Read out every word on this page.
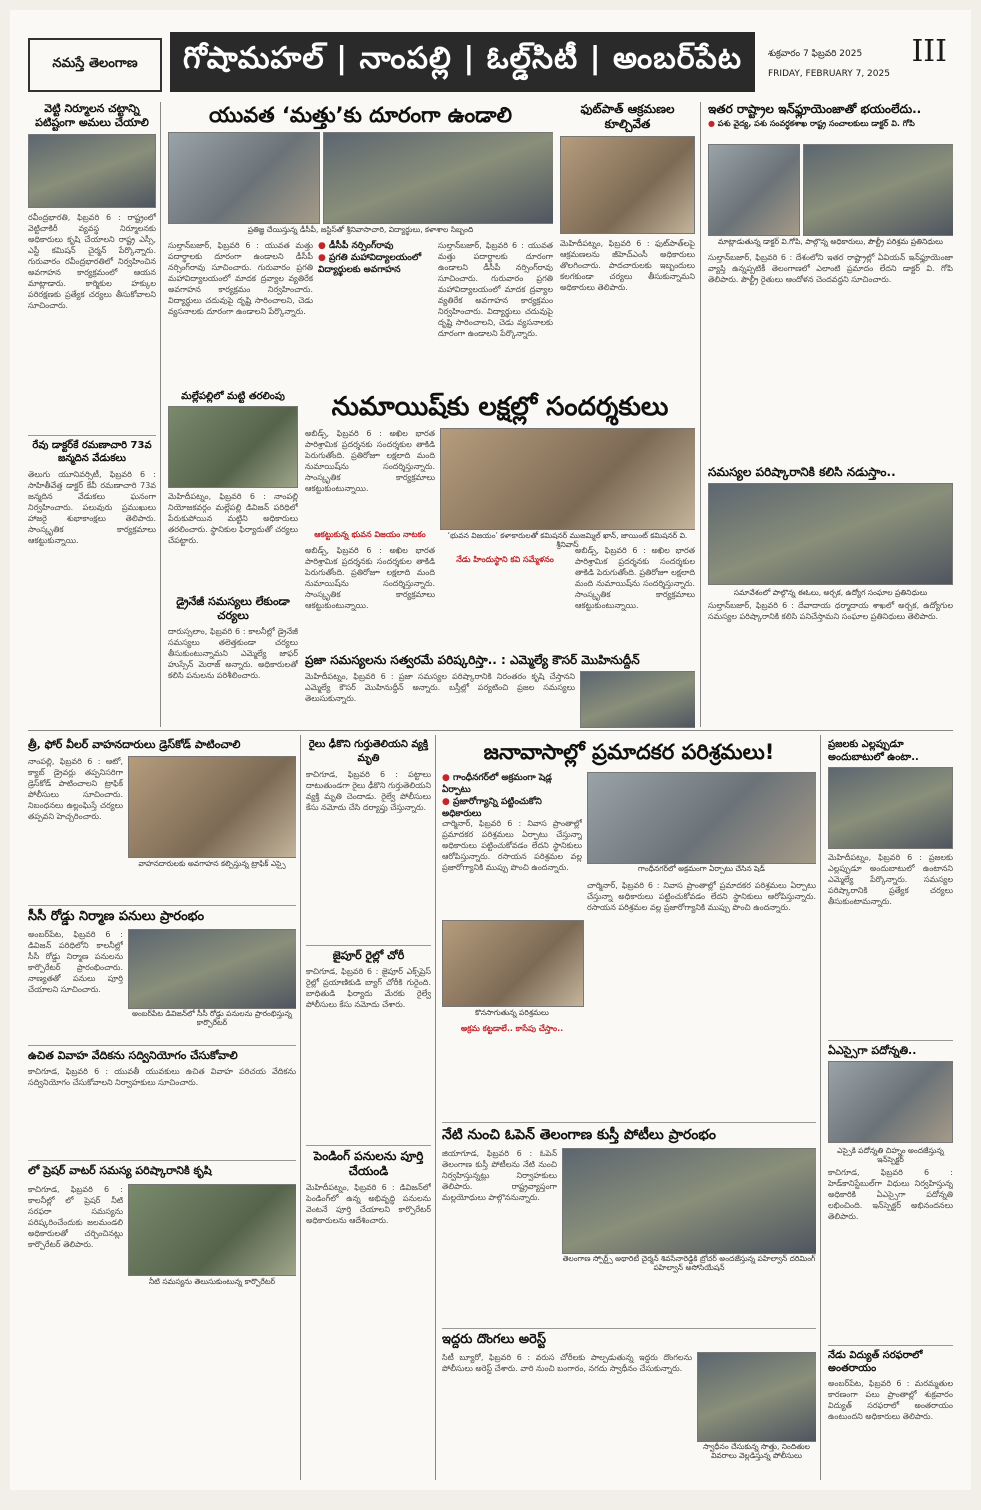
నమస్తే తెలంగాణ	గోషామహల్ | నాంపల్లి | ఓల్డ్‌సిటీ | అంబర్‌పేట	శుక్రవారం 7 ఫిబ్రవరి 2025
FRIDAY, FEBRUARY 7, 2025
III
వెట్టి నిర్మూలన చట్టాన్ని పటిష్టంగా అమలు చేయాలి
రవీంద్రభారతి, ఫిబ్రవరి 6 : రాష్ట్రంలో వెట్టిచాకిరీ వ్యవస్థ నిర్మూలనకు అధికారులు కృషి చేయాలని రాష్ట్ర ఎస్సీ, ఎస్టీ కమిషన్ చైర్మన్ పేర్కొన్నారు. గురువారం రవీంద్రభారతిలో నిర్వహించిన అవగాహన కార్యక్రమంలో ఆయన మాట్లాడారు. కార్మికుల హక్కుల పరిరక్షణకు ప్రత్యేక చర్యలు తీసుకోవాలని సూచించారు.
రేవు డాక్టర్‌కే రమణాచారి 73వ జన్మదిన వేడుకలు
తెలుగు యూనివర్సిటీ, ఫిబ్రవరి 6 : సాహితీవేత్త డాక్టర్ కేవీ రమణాచారి 73వ జన్మదిన వేడుకలు ఘనంగా నిర్వహించారు. పలువురు ప్రముఖులు హాజరై శుభాకాంక్షలు తెలిపారు. సాంస్కృతిక కార్యక్రమాలు ఆకట్టుకున్నాయి.
యువత ‘మత్తు’కు దూరంగా ఉండాలి
ప్రతిజ్ఞ చేయిస్తున్న డీసీపీ, జస్టిస్‌తో శ్రీనివాసాచారి, విద్యార్థులు, కళాశాల సిబ్బంది
● డీసీపీ నర్సింగ్‌రావు
● ప్రగతి మహావిద్యాలయంలో విద్యార్థులకు అవగాహన
సుల్తాన్‌బజార్, ఫిబ్రవరి 6 : యువత మత్తు పదార్థాలకు దూరంగా ఉండాలని డీసీపీ నర్సింగ్‌రావు సూచించారు. గురువారం ప్రగతి మహావిద్యాలయంలో మాదక ద్రవ్యాల వ్యతిరేక అవగాహన కార్యక్రమం నిర్వహించారు. విద్యార్థులు చదువుపై దృష్టి సారించాలని, చెడు వ్యసనాలకు దూరంగా ఉండాలని పేర్కొన్నారు.
సుల్తాన్‌బజార్, ఫిబ్రవరి 6 : యువత మత్తు పదార్థాలకు దూరంగా ఉండాలని డీసీపీ నర్సింగ్‌రావు సూచించారు. గురువారం ప్రగతి మహావిద్యాలయంలో మాదక ద్రవ్యాల వ్యతిరేక అవగాహన కార్యక్రమం నిర్వహించారు. విద్యార్థులు చదువుపై దృష్టి సారించాలని, చెడు వ్యసనాలకు దూరంగా ఉండాలని పేర్కొన్నారు.
ఫుట్‌పాత్ ఆక్రమణల కూల్చివేత
మెహిదీపట్నం, ఫిబ్రవరి 6 : ఫుట్‌పాత్‌లపై ఆక్రమణలను జీహెచ్‌ఎంసీ అధికారులు తొలగించారు. పాదచారులకు ఇబ్బందులు కలగకుండా చర్యలు తీసుకున్నామని అధికారులు తెలిపారు.
ఇతర రాష్ట్రాల ఇన్‌ఫ్లూయెంజాతో భయంలేదు..
● పశు వైద్య, పశు సంవర్ధకశాఖ రాష్ట్ర సంచాలకులు డాక్టర్ వి. గోపి
మాట్లాడుతున్న డాక్టర్ వి.గోపి, పాల్గొన్న అధికారులు, పౌల్ట్రీ పరిశ్రమ ప్రతినిధులు
సుల్తాన్‌బజార్, ఫిబ్రవరి 6 : దేశంలోని ఇతర రాష్ట్రాల్లో ఏవియన్ ఇన్‌ఫ్లూయెంజా వ్యాప్తి ఉన్నప్పటికీ తెలంగాణలో ఎలాంటి ప్రమాదం లేదని డాక్టర్ వి. గోపి తెలిపారు. పౌల్ట్రీ రైతులు ఆందోళన చెందవద్దని సూచించారు.
మల్లేపల్లిలో మట్టి తరలింపు
మెహిదీపట్నం, ఫిబ్రవరి 6 : నాంపల్లి నియోజకవర్గం మల్లేపల్లి డివిజన్ పరిధిలో పేరుకుపోయిన మట్టిని అధికారులు తరలించారు. స్థానికుల ఫిర్యాదుతో చర్యలు చేపట్టారు.
నుమాయిష్‌కు లక్షల్లో సందర్శకులు
అబిడ్స్, ఫిబ్రవరి 6 : అఖిల భారత పారిశ్రామిక ప్రదర్శనకు సందర్శకుల తాకిడి పెరుగుతోంది. ప్రతిరోజూ లక్షలాది మంది నుమాయిష్‌ను సందర్శిస్తున్నారు. సాంస్కృతిక కార్యక్రమాలు ఆకట్టుకుంటున్నాయి.
‘భువన విజయం’ కళాకారులతో కమిషనర్ ముజమ్మిల్ ఖాన్, జాయింట్ కమిషనర్ వి. శ్రీనివాస్
ఆకట్టుకున్న భువన విజయం నాటకం
నేడు హిందుస్థాని కవి సమ్మేళనం
అబిడ్స్, ఫిబ్రవరి 6 : అఖిల భారత పారిశ్రామిక ప్రదర్శనకు సందర్శకుల తాకిడి పెరుగుతోంది. ప్రతిరోజూ లక్షలాది మంది నుమాయిష్‌ను సందర్శిస్తున్నారు. సాంస్కృతిక కార్యక్రమాలు ఆకట్టుకుంటున్నాయి.
అబిడ్స్, ఫిబ్రవరి 6 : అఖిల భారత పారిశ్రామిక ప్రదర్శనకు సందర్శకుల తాకిడి పెరుగుతోంది. ప్రతిరోజూ లక్షలాది మంది నుమాయిష్‌ను సందర్శిస్తున్నారు. సాంస్కృతిక కార్యక్రమాలు ఆకట్టుకుంటున్నాయి.
డ్రైనేజీ సమస్యలు లేకుండా చర్యలు
దారుస్సలాం, ఫిబ్రవరి 6 : కాలనీల్లో డ్రైనేజీ సమస్యలు తలెత్తకుండా చర్యలు తీసుకుంటున్నామని ఎమ్మెల్యే జాఫర్ హుస్సేన్ మెరాజ్ అన్నారు. అధికారులతో కలిసి పనులను పరిశీలించారు.
సమస్యల పరిష్కారానికి కలిసి నడుస్తాం..
సమావేశంలో పాల్గొన్న ఈఓలు, అర్చక, ఉద్యోగ సంఘాల ప్రతినిధులు
సుల్తాన్‌బజార్, ఫిబ్రవరి 6 : దేవాదాయ ధర్మాదాయ శాఖలో అర్చక, ఉద్యోగుల సమస్యల పరిష్కారానికి కలిసి పనిచేస్తామని సంఘాల ప్రతినిధులు తెలిపారు.
ప్రజా సమస్యలను సత్వరమే పరిష్కరిస్తా.. : ఎమ్మెల్యే కౌసర్ మొహినుద్దీన్
మెహిదీపట్నం, ఫిబ్రవరి 6 : ప్రజా సమస్యల పరిష్కారానికి నిరంతరం కృషి చేస్తానని ఎమ్మెల్యే కౌసర్ మొహినుద్దీన్ అన్నారు. బస్తీల్లో పర్యటించి ప్రజల సమస్యలు తెలుసుకున్నారు.
త్రీ, ఫోర్ వీలర్ వాహనదారులు డ్రెస్‌కోడ్ పాటించాలి
నాంపల్లి, ఫిబ్రవరి 6 : ఆటో, క్యాబ్ డ్రైవర్లు తప్పనిసరిగా డ్రెస్‌కోడ్ పాటించాలని ట్రాఫిక్ పోలీసులు సూచించారు. నిబంధనలు ఉల్లంఘిస్తే చర్యలు తప్పవని హెచ్చరించారు.
వాహనదారులకు అవగాహన కల్పిస్తున్న ట్రాఫిక్ ఎస్సై
సీసీ రోడ్డు నిర్మాణ పనులు ప్రారంభం
అంబర్‌పేట, ఫిబ్రవరి 6 : డివిజన్ పరిధిలోని కాలనీల్లో సీసీ రోడ్డు నిర్మాణ పనులను కార్పొరేటర్ ప్రారంభించారు. నాణ్యతతో పనులు పూర్తి చేయాలని సూచించారు.
అంబర్‌పేట డివిజన్‌లో సీసీ రోడ్డు పనులను ప్రారంభిస్తున్న కార్పొరేటర్
ఉచిత వివాహ వేదికను సద్వినియోగం చేసుకోవాలి
కాచిగూడ, ఫిబ్రవరి 6 : యువతీ యువకులు ఉచిత వివాహ పరిచయ వేదికను సద్వినియోగం చేసుకోవాలని నిర్వాహకులు సూచించారు.
లో ప్రెషర్ వాటర్ సమస్య పరిష్కారానికి కృషి
కాచిగూడ, ఫిబ్రవరి 6 : కాలనీల్లో లో ప్రెషర్ నీటి సరఫరా సమస్యను పరిష్కరించేందుకు జలమండలి అధికారులతో చర్చించినట్లు కార్పొరేటర్ తెలిపారు.
నీటి సమస్యను తెలుసుకుంటున్న కార్పొరేటర్
రైలు ఢీకొని గుర్తుతెలియని వ్యక్తి మృతి
కాచిగూడ, ఫిబ్రవరి 6 : పట్టాలు దాటుతుండగా రైలు ఢీకొని గుర్తుతెలియని వ్యక్తి మృతి చెందాడు. రైల్వే పోలీసులు కేసు నమోదు చేసి దర్యాప్తు చేస్తున్నారు.
జైపూర్ రైల్లో చోరీ
కాచిగూడ, ఫిబ్రవరి 6 : జైపూర్ ఎక్స్‌ప్రెస్ రైల్లో ప్రయాణికుడి బ్యాగ్ చోరీకి గురైంది. బాధితుడి ఫిర్యాదు మేరకు రైల్వే పోలీసులు కేసు నమోదు చేశారు.
పెండింగ్ పనులను పూర్తి చేయండి
మెహిదీపట్నం, ఫిబ్రవరి 6 : డివిజన్‌లో పెండింగ్‌లో ఉన్న అభివృద్ధి పనులను వెంటనే పూర్తి చేయాలని కార్పొరేటర్ అధికారులను ఆదేశించారు.
జనావాసాల్లో ప్రమాదకర పరిశ్రమలు!
● గాంధీనగర్‌లో అక్రమంగా షెడ్ల ఏర్పాటు
● ప్రజారోగ్యాన్ని పట్టించుకోని అధికారులు
గాంధీనగర్‌లో అక్రమంగా ఏర్పాటు చేసిన షెడ్
చార్మినార్, ఫిబ్రవరి 6 : నివాస ప్రాంతాల్లో ప్రమాదకర పరిశ్రమలు ఏర్పాటు చేస్తున్నా అధికారులు పట్టించుకోవడం లేదని స్థానికులు ఆరోపిస్తున్నారు. రసాయన పరిశ్రమల వల్ల ప్రజారోగ్యానికి ముప్పు పొంచి ఉందన్నారు.
కొనసాగుతున్న పరిశ్రమలు
అక్రమ కట్టడాలే.. కాసేపు చేస్తాం..
చార్మినార్, ఫిబ్రవరి 6 : నివాస ప్రాంతాల్లో ప్రమాదకర పరిశ్రమలు ఏర్పాటు చేస్తున్నా అధికారులు పట్టించుకోవడం లేదని స్థానికులు ఆరోపిస్తున్నారు. రసాయన పరిశ్రమల వల్ల ప్రజారోగ్యానికి ముప్పు పొంచి ఉందన్నారు.
నేటి నుంచి ఓపెన్ తెలంగాణ కుస్తీ పోటీలు ప్రారంభం
జియాగూడ, ఫిబ్రవరి 6 : ఓపెన్ తెలంగాణ కుస్తీ పోటీలను నేటి నుంచి నిర్వహిస్తున్నట్లు నిర్వాహకులు తెలిపారు. రాష్ట్రవ్యాప్తంగా మల్లయోధులు పాల్గొననున్నారు.
తెలంగాణ స్పోర్ట్స్ అథారిటీ చైర్మన్ శివసేనారెడ్డికి బ్రోచర్ అందజేస్తున్న పహిల్వాన్ దరిమింగ్ పహిల్వాన్ అసోసియేషన్
ఇద్దరు దొంగలు అరెస్ట్
సిటీ బ్యూరో, ఫిబ్రవరి 6 : వరుస చోరీలకు పాల్పడుతున్న ఇద్దరు దొంగలను పోలీసులు అరెస్ట్ చేశారు. వారి నుంచి బంగారం, నగదు స్వాధీనం చేసుకున్నారు.
స్వాధీనం చేసుకున్న సొత్తు, నిందితుల వివరాలు వెల్లడిస్తున్న పోలీసులు
ప్రజలకు ఎల్లప్పుడూ అందుబాటులో ఉంటా..
మెహిదీపట్నం, ఫిబ్రవరి 6 : ప్రజలకు ఎల్లప్పుడూ అందుబాటులో ఉంటానని ఎమ్మెల్యే పేర్కొన్నారు. సమస్యల పరిష్కారానికి ప్రత్యేక చర్యలు తీసుకుంటామన్నారు.
ఏఎస్సైగా పదోన్నతి..
ఎస్సైకి పదోన్నతి చిహ్నం అందజేస్తున్న ఇన్‌స్పెక్టర్
కాచిగూడ, ఫిబ్రవరి 6 : హెడ్‌కానిస్టేబుల్‌గా విధులు నిర్వహిస్తున్న అధికారికి ఏఎస్సైగా పదోన్నతి లభించింది. ఇన్‌స్పెక్టర్ అభినందనలు తెలిపారు.
నేడు విద్యుత్ సరఫరాలో అంతరాయం
అంబర్‌పేట, ఫిబ్రవరి 6 : మరమ్మతుల కారణంగా పలు ప్రాంతాల్లో శుక్రవారం విద్యుత్ సరఫరాలో అంతరాయం ఉంటుందని అధికారులు తెలిపారు.
